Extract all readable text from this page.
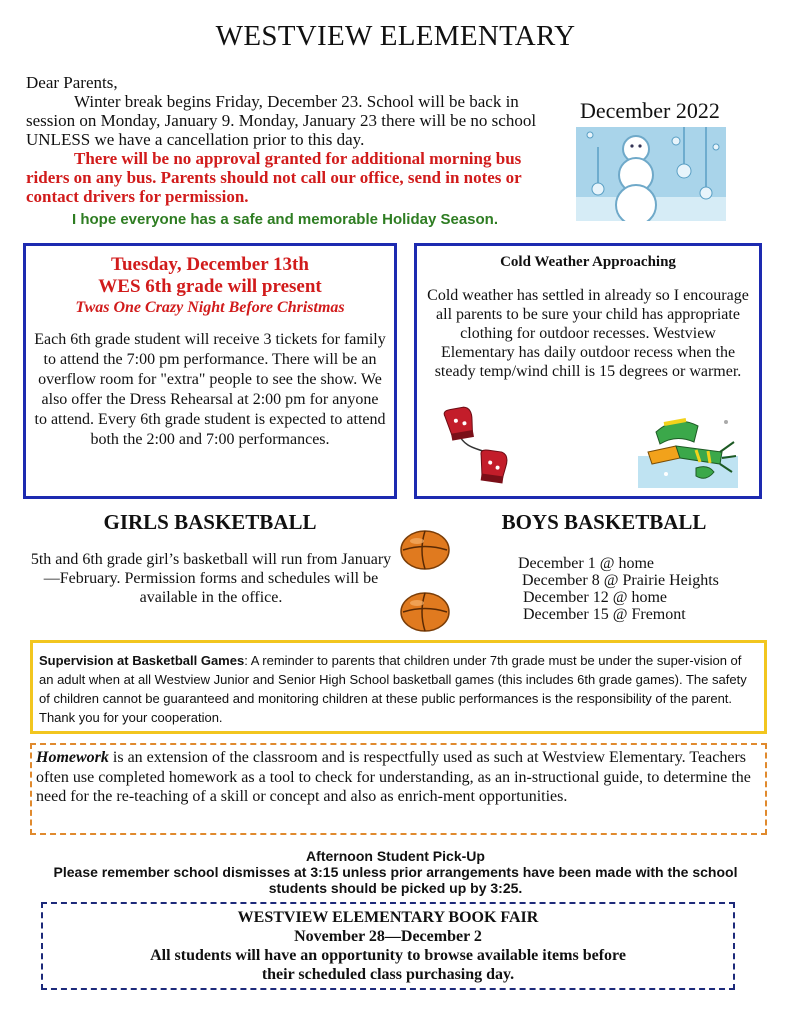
WESTVIEW ELEMENTARY

Dear Parents,

Winter break begins Friday, December 23. School will be back in session on Monday, January 9. Monday, January 23 there will be no school UNLESS we have a cancellation prior to this day.

There will be no approval granted for additional morning bus riders on any bus. Parents should not call our office, send in notes or contact drivers for permission.

I hope everyone has a safe and memorable Holiday Season.

December 2022
Tuesday, December 13th
WES 6th grade will present
Twas One Crazy Night Before Christmas
Each 6th grade student will receive 3 tickets for family to attend the 7:00 pm performance. There will be an overflow room for "extra" people to see the show. We also offer the Dress Rehearsal at 2:00 pm for anyone to attend. Every 6th grade student is expected to attend both the 2:00 and 7:00 performances.
Cold Weather Approaching
Cold weather has settled in already so I encourage all parents to be sure your child has appropriate clothing for outdoor recesses. Westview Elementary has daily outdoor recess when the steady temp/wind chill is 15 degrees or warmer.
GIRLS BASKETBALL	BOYS BASKETBALL
5th and 6th grade girl’s basketball will run from January—February. Permission forms and schedules will be available in the office.
December 1 @ home
December 8 @ Prairie Heights
December 12 @ home
December 15 @ Fremont
Supervision at Basketball Games: A reminder to parents that children under 7th grade must be under the super-vision of an adult when at all Westview Junior and Senior High School basketball games (this includes 6th grade games). The safety of children cannot be guaranteed and monitoring children at these public performances is the responsibility of the parent. Thank you for your cooperation.
Homework is an extension of the classroom and is respectfully used as such at Westview Elementary. Teachers often use completed homework as a tool to check for understanding, as an in-structional guide, to determine the need for the re-teaching of a skill or concept and also as enrich-ment opportunities.
Afternoon Student Pick-Up
Please remember school dismisses at 3:15 unless prior arrangements have been made with the school students should be picked up by 3:25.
WESTVIEW ELEMENTARY BOOK FAIR
November 28—December 2
All students will have an opportunity to browse available items before
their scheduled class purchasing day.
